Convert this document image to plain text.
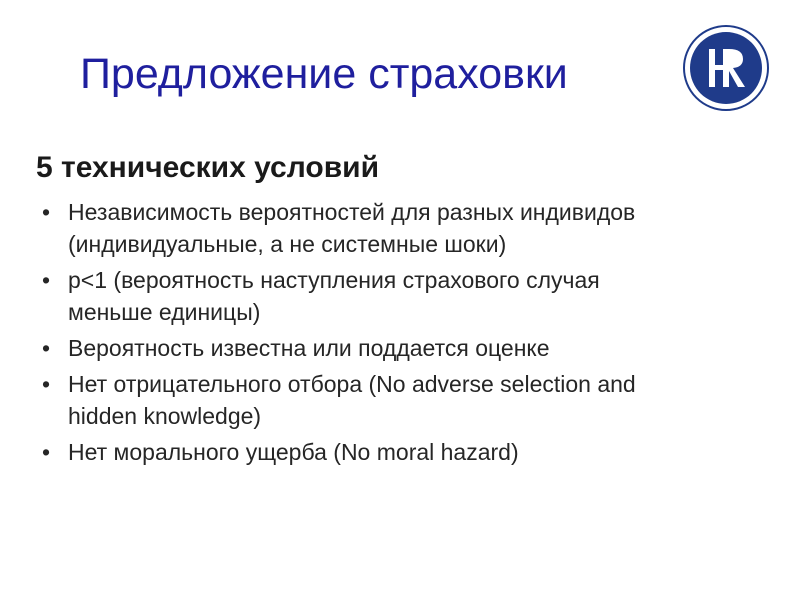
Предложение страховки
5 технических условий
• Независимость вероятностей для разных индивидов
(индивидуальные, а не системные шоки)
• р<1 (вероятность наступления страхового случая
меньше единицы)
• Вероятность известна или поддается оценке
• Нет отрицательного отбора (No adverse selection and
hidden knowledge)
• Нет морального ущерба (No moral hazard)
